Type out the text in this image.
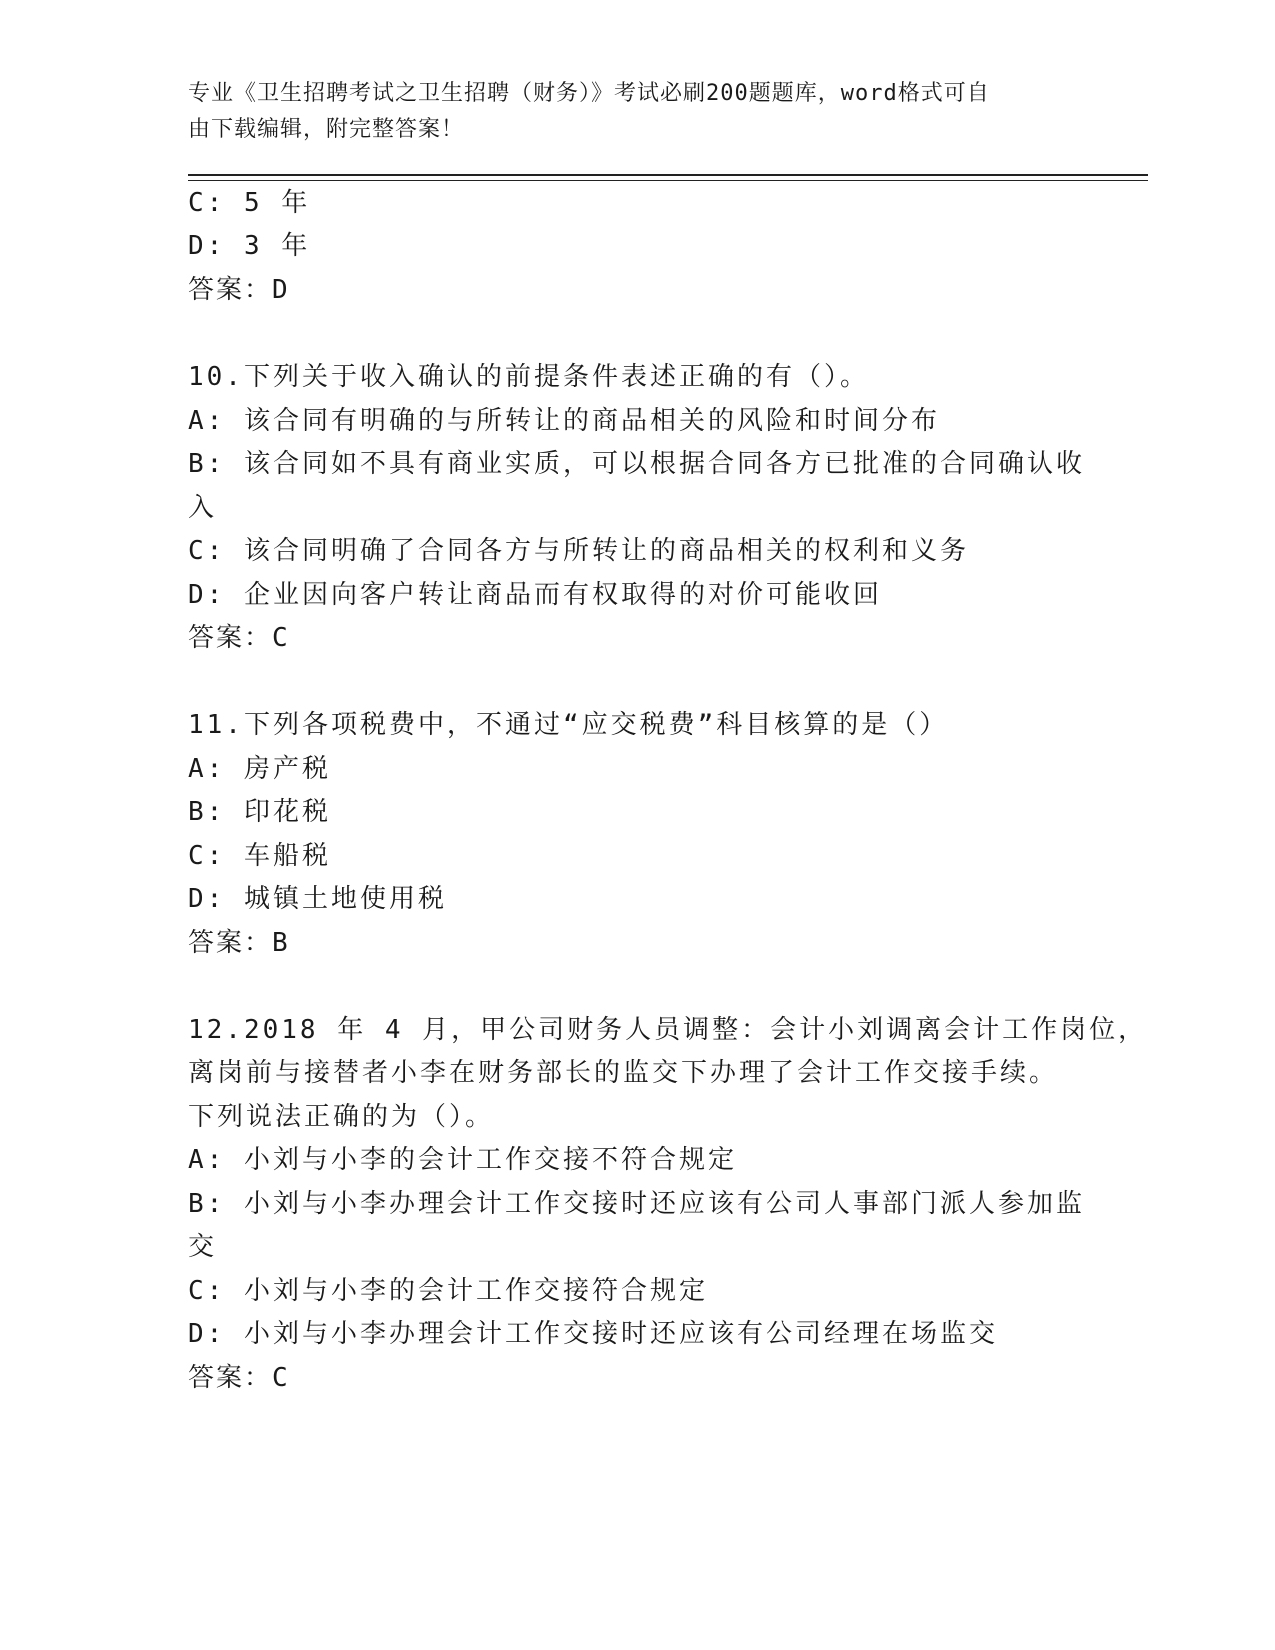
专业《卫生招聘考试之卫生招聘（财务）》考试必刷200题题库，word格式可自
由下载编辑，附完整答案！
C: 5 年
D: 3 年
答案：D
10.下列关于收入确认的前提条件表述正确的有（）。
A: 该合同有明确的与所转让的商品相关的风险和时间分布
B: 该合同如不具有商业实质，可以根据合同各方已批准的合同确认收
入
C: 该合同明确了合同各方与所转让的商品相关的权利和义务
D: 企业因向客户转让商品而有权取得的对价可能收回
答案：C
11.下列各项税费中，不通过“应交税费”科目核算的是（）
A: 房产税
B: 印花税
C: 车船税
D: 城镇土地使用税
答案：B
12.2018 年 4 月，甲公司财务人员调整：会计小刘调离会计工作岗位，
离岗前与接替者小李在财务部长的监交下办理了会计工作交接手续。
下列说法正确的为（）。
A: 小刘与小李的会计工作交接不符合规定
B: 小刘与小李办理会计工作交接时还应该有公司人事部门派人参加监
交
C: 小刘与小李的会计工作交接符合规定
D: 小刘与小李办理会计工作交接时还应该有公司经理在场监交
答案：C
